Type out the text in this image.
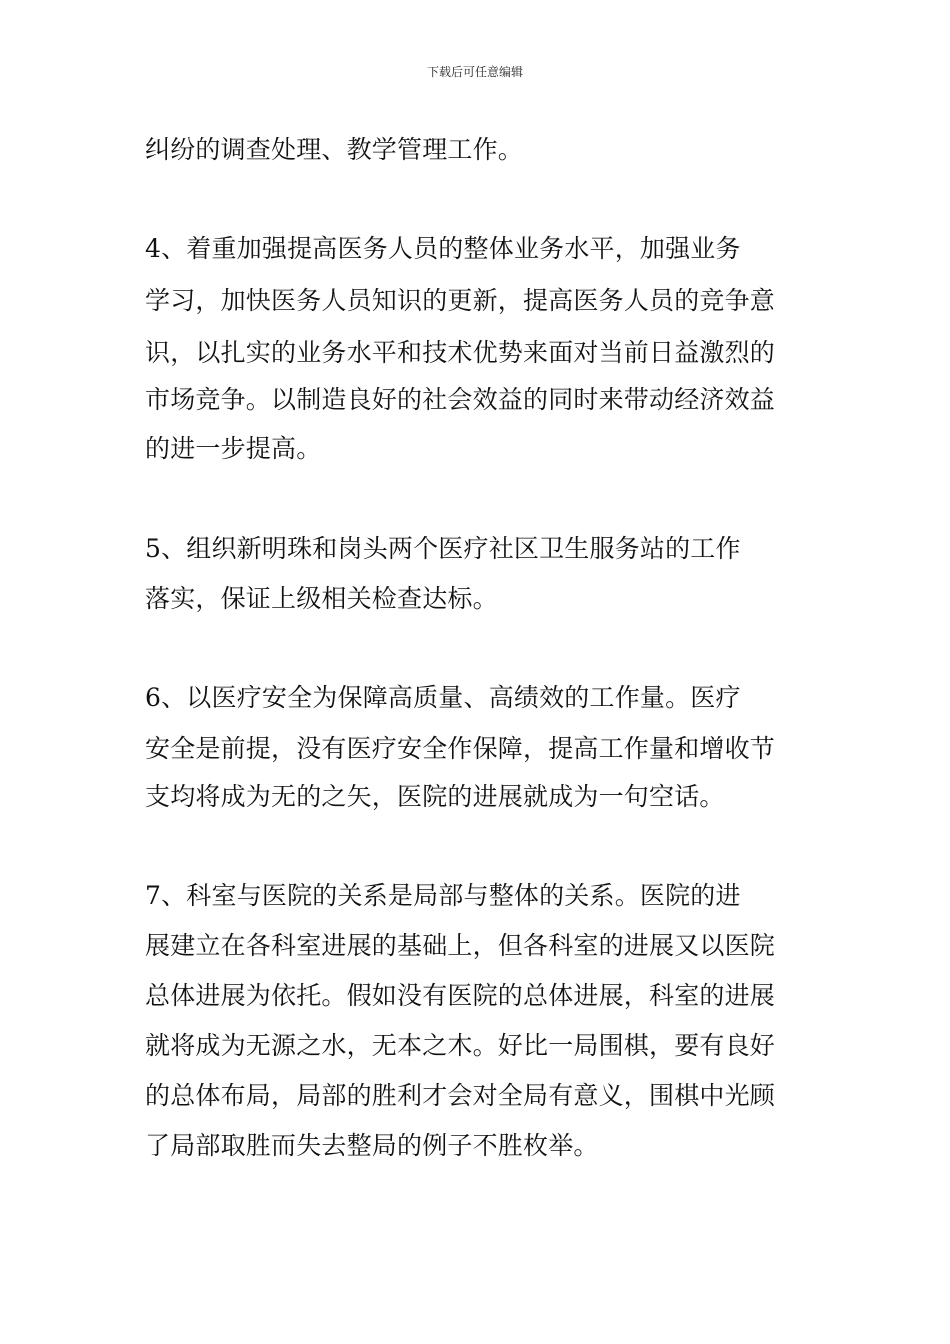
下载后可任意编辑
纠纷的调查处理、教学管理工作。
4、着重加强提高医务人员的整体业务水平，加强业务
学习，加快医务人员知识的更新，提高医务人员的竞争意
识，以扎实的业务水平和技术优势来面对当前日益激烈的
市场竞争。以制造良好的社会效益的同时来带动经济效益
的进一步提高。
5、组织新明珠和岗头两个医疗社区卫生服务站的工作
落实，保证上级相关检查达标。
6、以医疗安全为保障高质量、高绩效的工作量。医疗
安全是前提，没有医疗安全作保障，提高工作量和增收节
支均将成为无的之矢，医院的进展就成为一句空话。
7、科室与医院的关系是局部与整体的关系。医院的进
展建立在各科室进展的基础上，但各科室的进展又以医院
总体进展为依托。假如没有医院的总体进展，科室的进展
就将成为无源之水，无本之木。好比一局围棋，要有良好
的总体布局，局部的胜利才会对全局有意义，围棋中光顾
了局部取胜而失去整局的例子不胜枚举。
